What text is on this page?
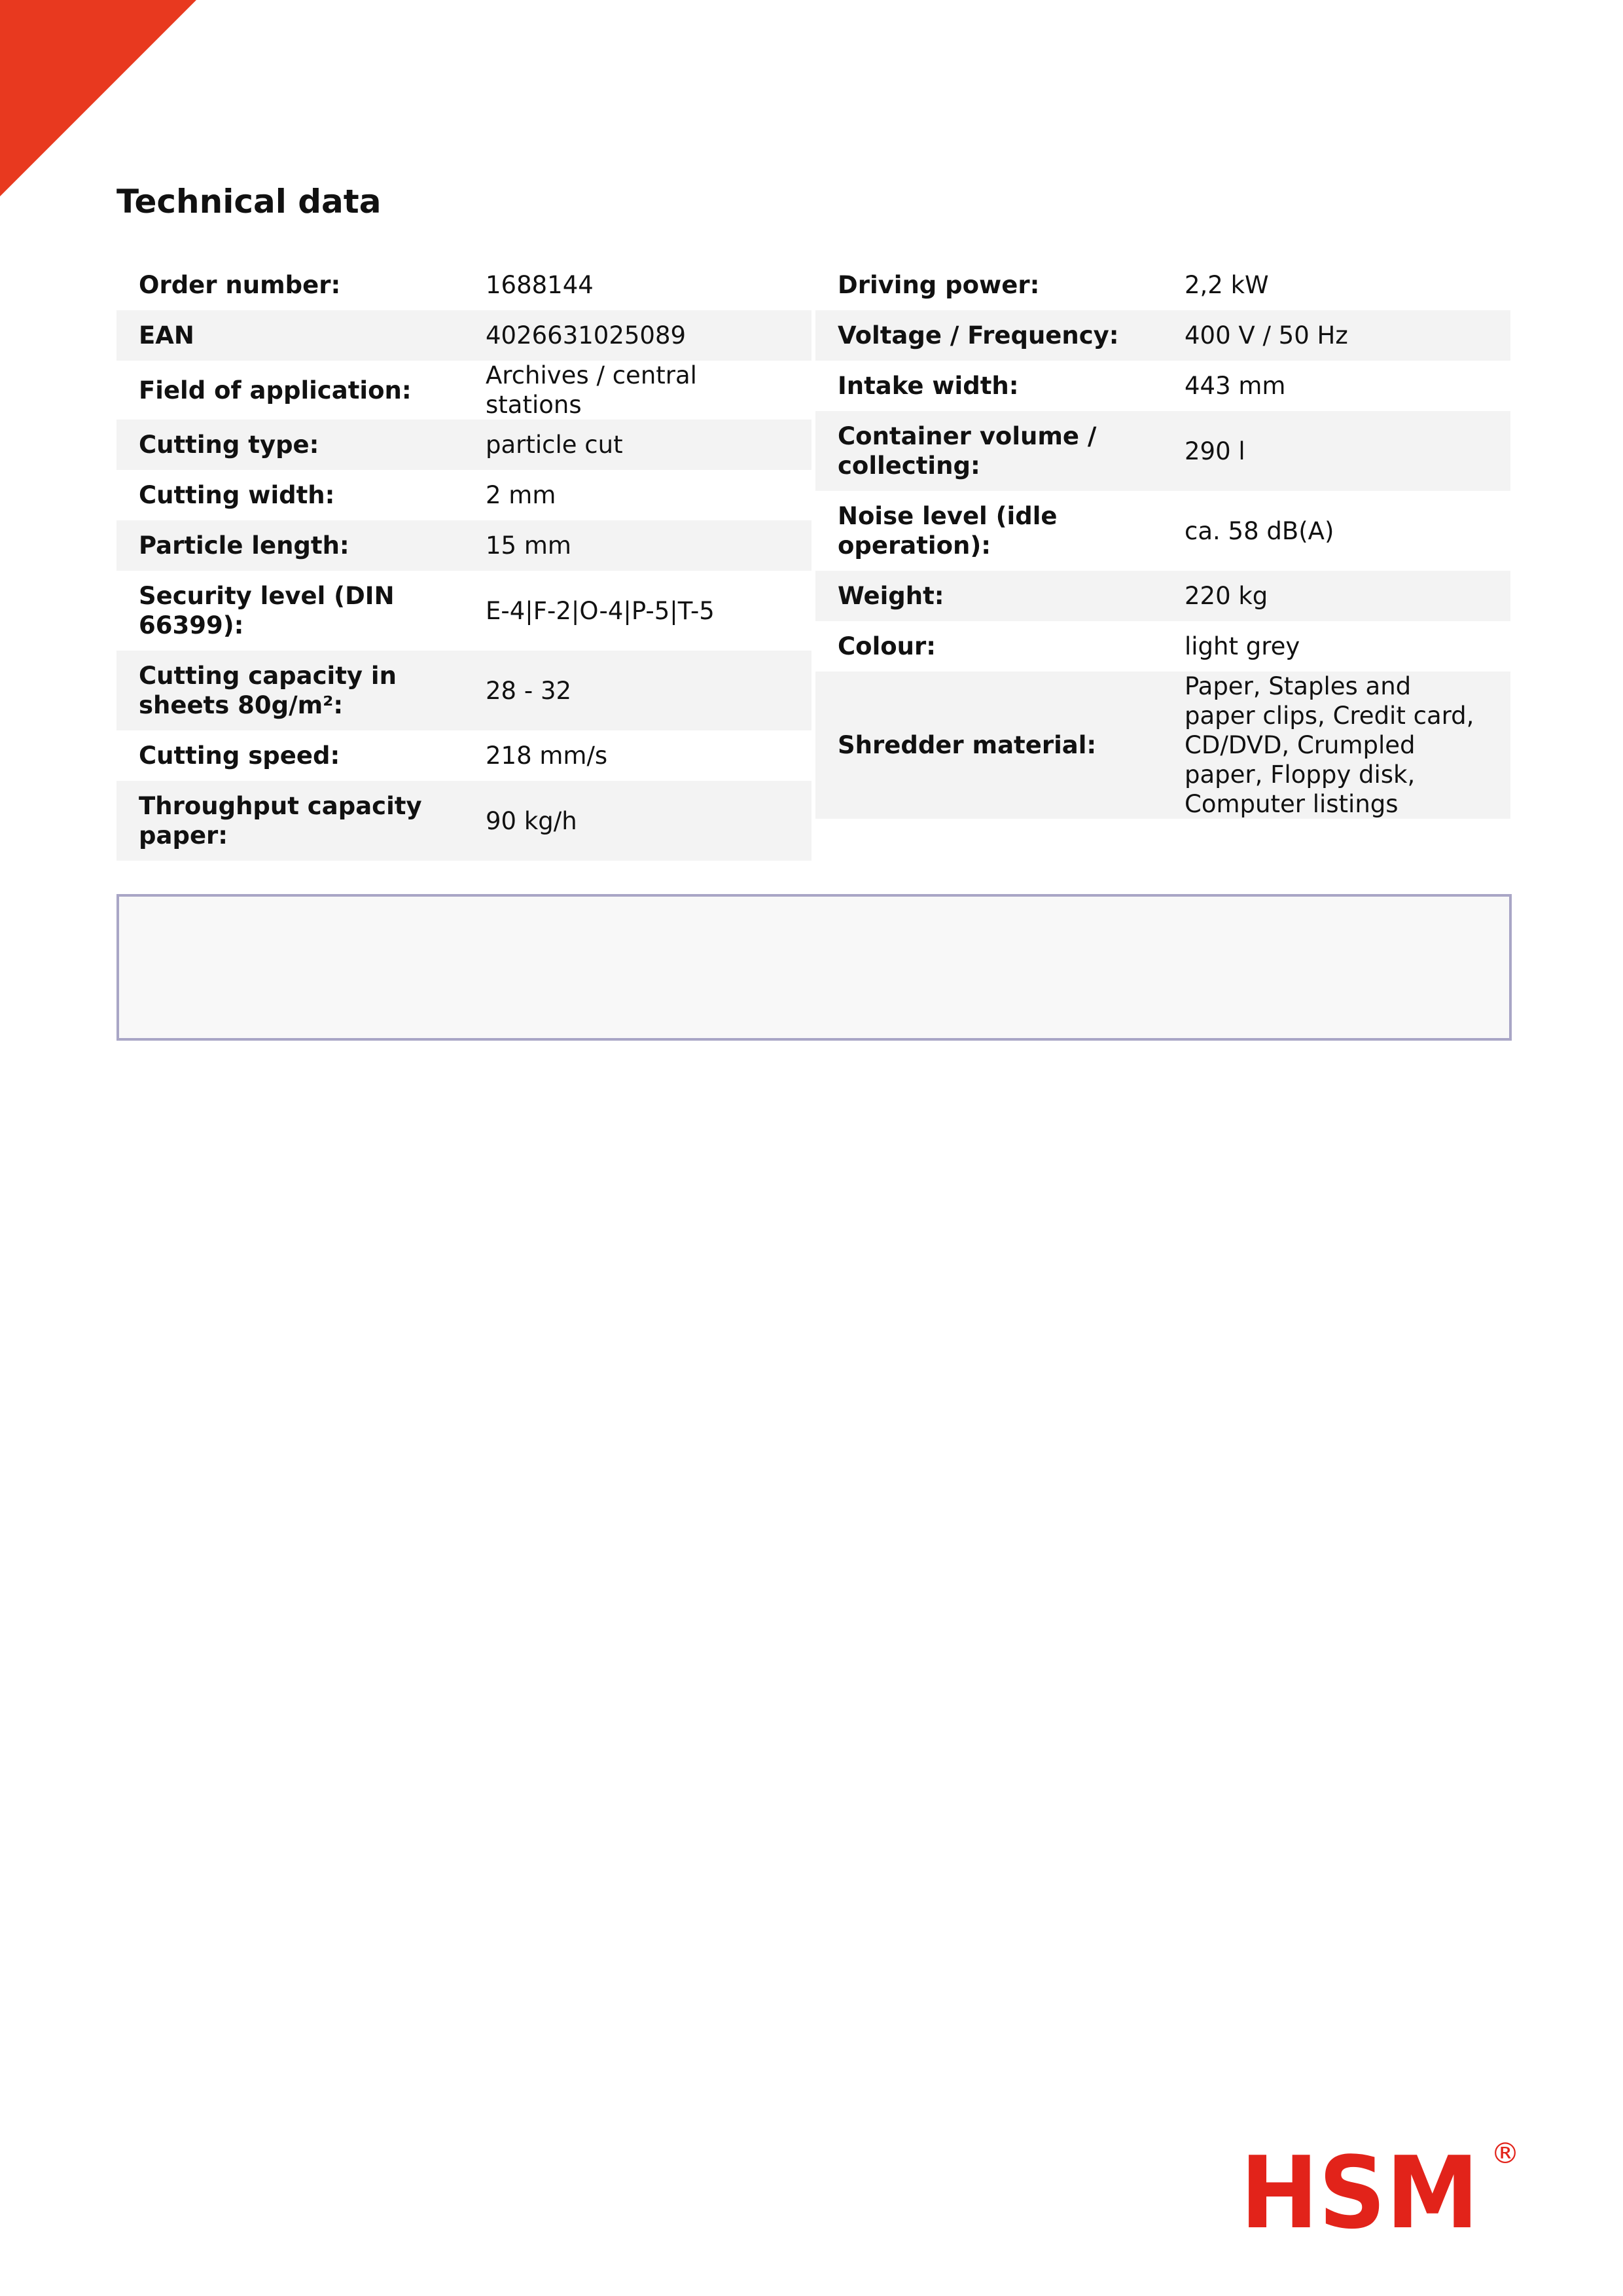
Technical data
Order number:	1688144
EAN	4026631025089
Field of application:	Archives / central stations
Cutting type:	particle cut
Cutting width:	2 mm
Particle length:	15 mm
Security level (DIN 66399):	E-4|F-2|O-4|P-5|T-5
Cutting capacity in sheets 80g/m²:	28 - 32
Cutting speed:	218 mm/s
Throughput capacity paper:	90 kg/h
Driving power:	2,2 kW
Voltage / Frequency:	400 V / 50 Hz
Intake width:	443 mm
Container volume / collecting:	290 l
Noise level (idle operation):	ca. 58 dB(A)
Weight:	220 kg
Colour:	light grey
Shredder material:	Paper, Staples and paper clips, Credit card, CD/DVD, Crumpled paper, Floppy disk, Computer listings
HSM ®
